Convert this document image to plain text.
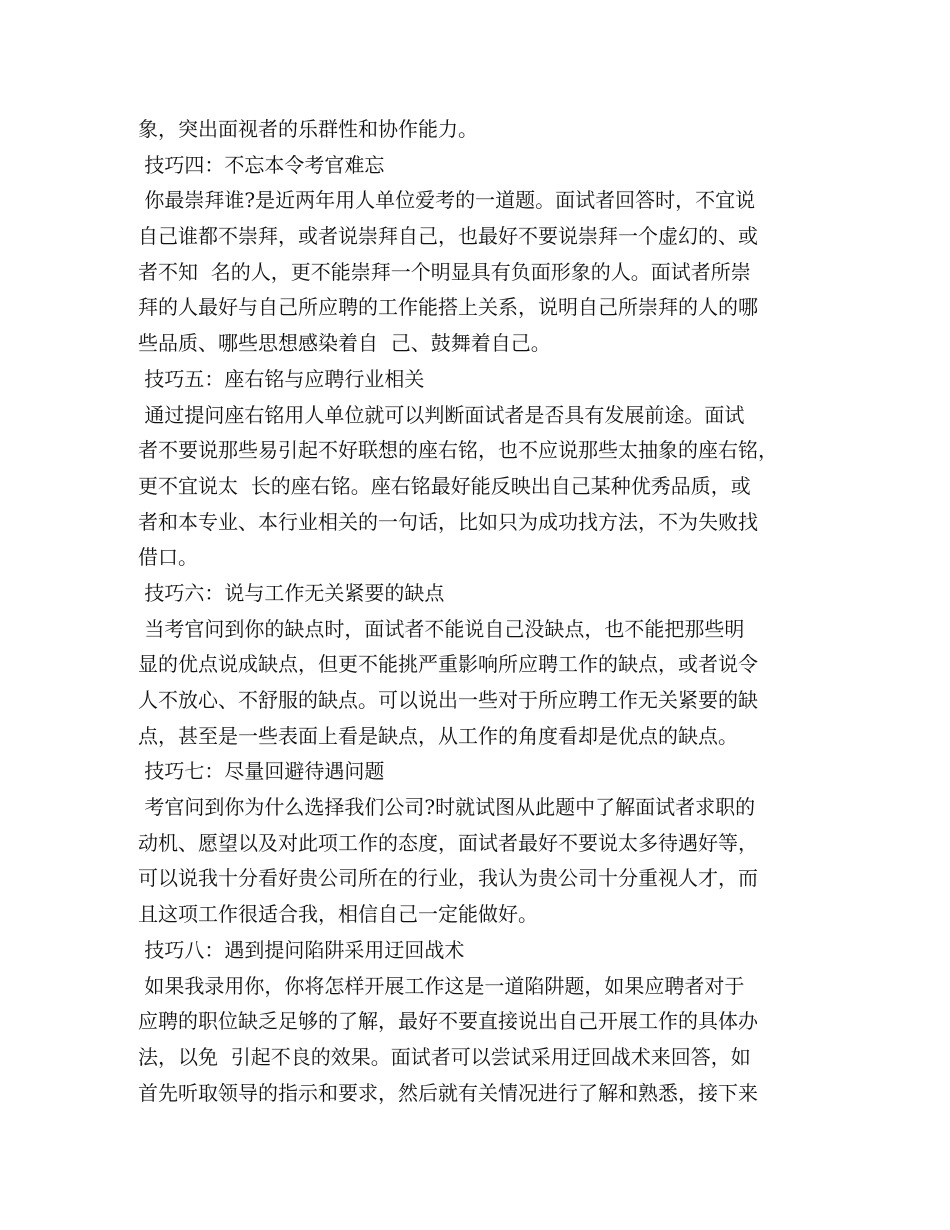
象，突出面视者的乐群性和协作能力。
技巧四：不忘本令考官难忘
你最崇拜谁?是近两年用人单位爱考的一道题。面试者回答时，不宜说
自己谁都不崇拜，或者说崇拜自己，也最好不要说崇拜一个虚幻的、或
者不知  名的人，更不能崇拜一个明显具有负面形象的人。面试者所崇
拜的人最好与自己所应聘的工作能搭上关系，说明自己所崇拜的人的哪
些品质、哪些思想感染着自  己、鼓舞着自己。
技巧五：座右铭与应聘行业相关
通过提问座右铭用人单位就可以判断面试者是否具有发展前途。面试
者不要说那些易引起不好联想的座右铭，也不应说那些太抽象的座右铭，
更不宜说太  长的座右铭。座右铭最好能反映出自己某种优秀品质，或
者和本专业、本行业相关的一句话，比如只为成功找方法，不为失败找
借口。
技巧六：说与工作无关紧要的缺点
当考官问到你的缺点时，面试者不能说自己没缺点，也不能把那些明
显的优点说成缺点，但更不能挑严重影响所应聘工作的缺点，或者说令
人不放心、不舒服的缺点。可以说出一些对于所应聘工作无关紧要的缺
点，甚至是一些表面上看是缺点，从工作的角度看却是优点的缺点。
技巧七：尽量回避待遇问题
考官问到你为什么选择我们公司?时就试图从此题中了解面试者求职的
动机、愿望以及对此项工作的态度，面试者最好不要说太多待遇好等，
可以说我十分看好贵公司所在的行业，我认为贵公司十分重视人才，而
且这项工作很适合我，相信自己一定能做好。
技巧八：遇到提问陷阱采用迂回战术
如果我录用你，你将怎样开展工作这是一道陷阱题，如果应聘者对于
应聘的职位缺乏足够的了解，最好不要直接说出自己开展工作的具体办
法，以免  引起不良的效果。面试者可以尝试采用迂回战术来回答，如
首先听取领导的指示和要求，然后就有关情况进行了解和熟悉，接下来
